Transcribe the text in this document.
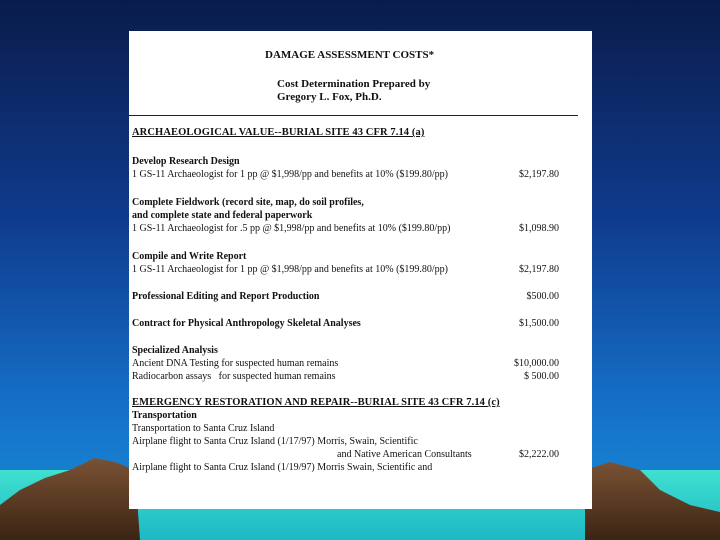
DAMAGE ASSESSMENT COSTS*
Cost Determination Prepared by
Gregory L. Fox, Ph.D.
ARCHAEOLOGICAL VALUE--BURIAL SITE 43 CFR 7.14 (a)
Develop Research Design
1 GS-11 Archaeologist for 1 pp @ $1,998/pp and benefits at 10% ($199.80/pp)	$2,197.80
Complete Fieldwork (record site, map, do soil profiles,
and complete state and federal paperwork
1 GS-11 Archaeologist for .5 pp @ $1,998/pp and benefits at 10% ($199.80/pp)	$1,098.90
Compile and Write Report
1 GS-11 Archaeologist for 1 pp @ $1,998/pp and benefits at 10% ($199.80/pp)	$2,197.80
Professional Editing and Report Production	$500.00
Contract for Physical Anthropology Skeletal Analyses	$1,500.00
Specialized Analysis
Ancient DNA Testing for suspected human remains	$10,000.00
Radiocarbon assays   for suspected human remains	$ 500.00
EMERGENCY RESTORATION AND REPAIR--BURIAL SITE 43 CFR 7.14 (c)
Transportation
Transportation to Santa Cruz Island
Airplane flight to Santa Cruz Island (1/17/97) Morris, Swain, Scientific
and Native American Consultants	$2,222.00
Airplane flight to Santa Cruz Island (1/19/97) Morris Swain, Scientific and
